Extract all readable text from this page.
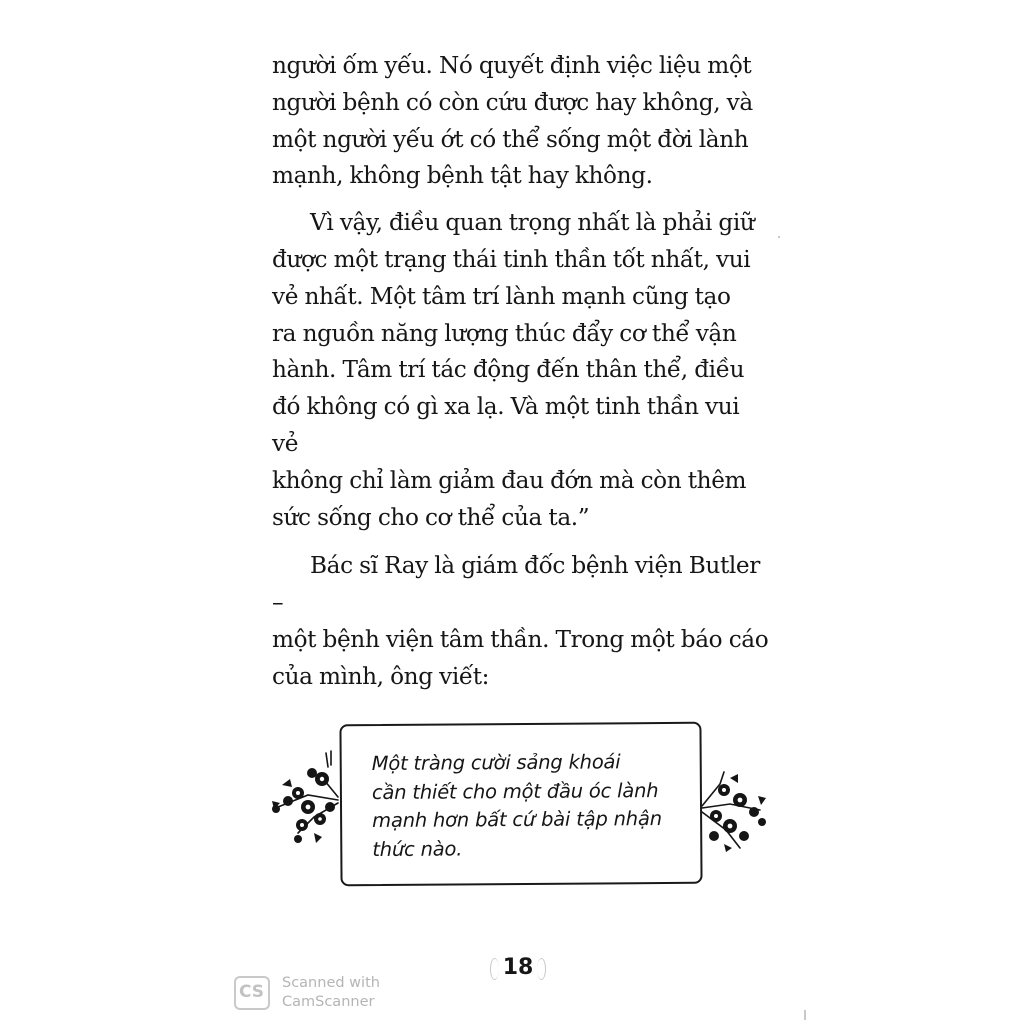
người ốm yếu. Nó quyết định việc liệu một
người bệnh có còn cứu được hay không, và
một người yếu ớt có thể sống một đời lành
mạnh, không bệnh tật hay không.

Vì vậy, điều quan trọng nhất là phải giữ
được một trạng thái tinh thần tốt nhất, vui
vẻ nhất. Một tâm trí lành mạnh cũng tạo
ra nguồn năng lượng thúc đẩy cơ thể vận
hành. Tâm trí tác động đến thân thể, điều
đó không có gì xa lạ. Và một tinh thần vui vẻ
không chỉ làm giảm đau đớn mà còn thêm
sức sống cho cơ thể của ta.”

Bác sĩ Ray là giám đốc bệnh viện Butler –
một bệnh viện tâm thần. Trong một báo cáo
của mình, ông viết:

Một tràng cười sảng khoái
cần thiết cho một đầu óc lành
mạnh hơn bất cứ bài tập nhận
thức nào.
18
CS Scanned with
CamScanner
